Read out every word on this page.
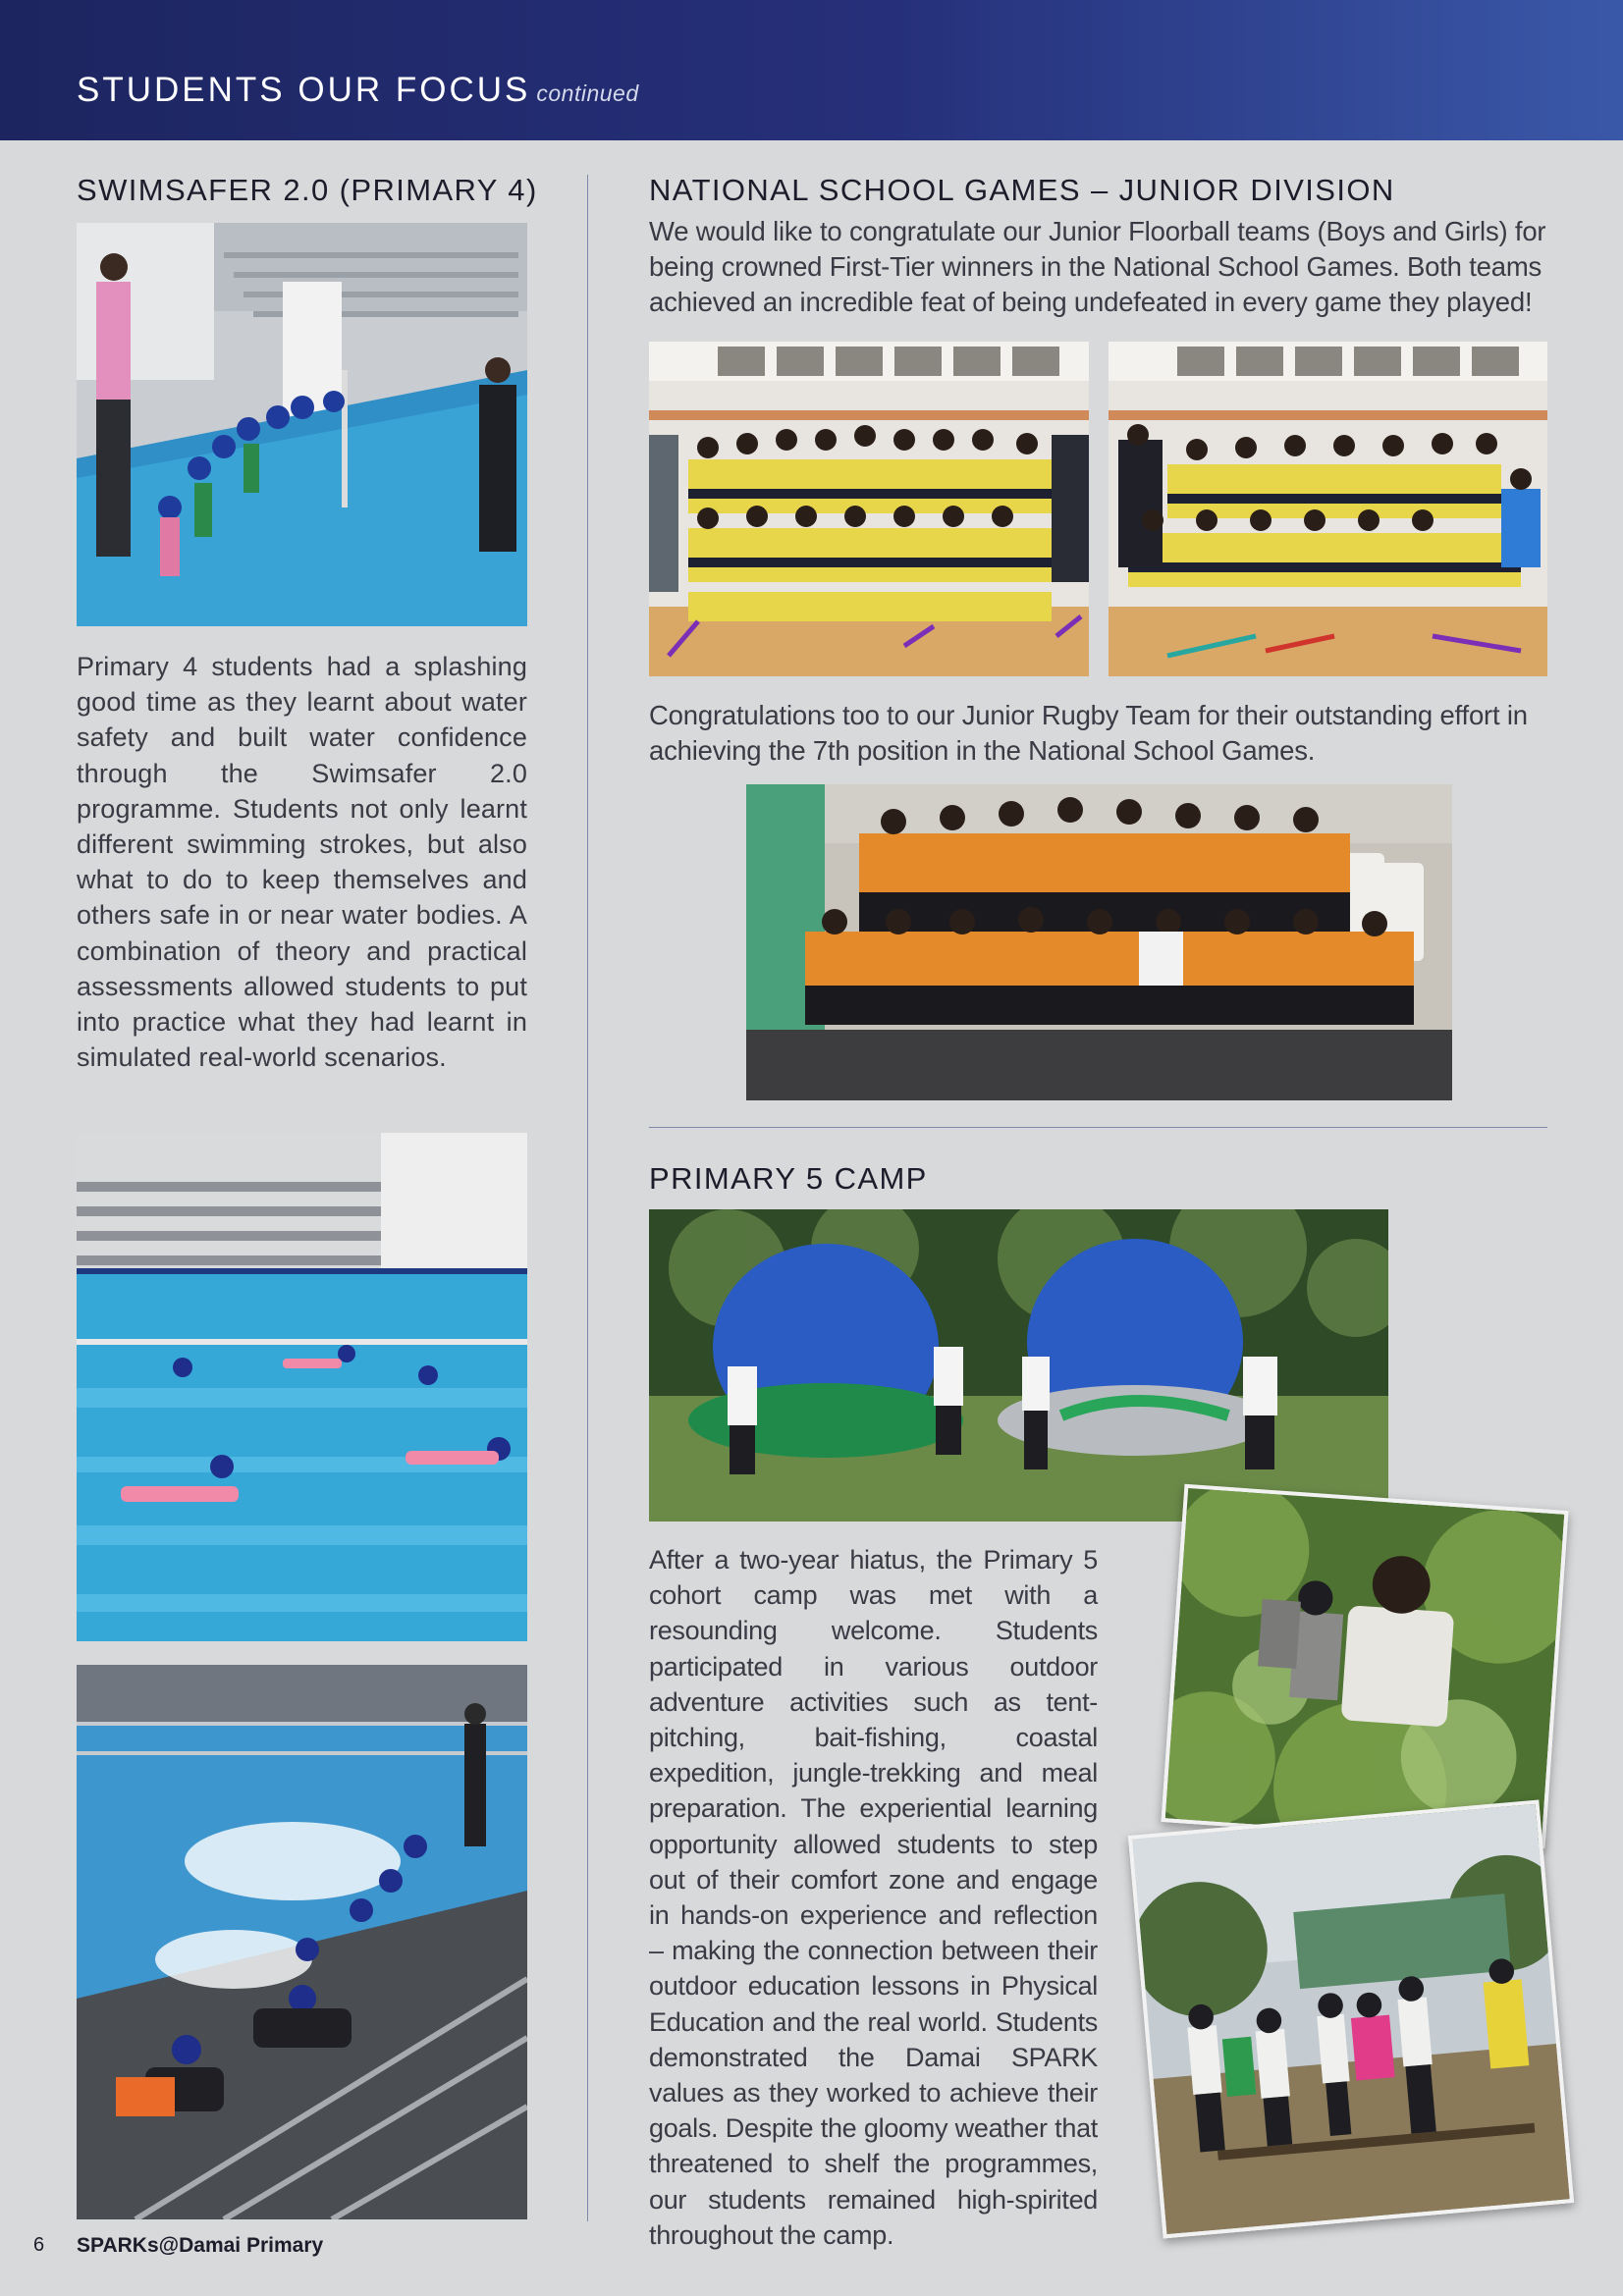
STUDENTS OUR FOCUS continued
SWIMSAFER 2.0 (PRIMARY 4)
Primary 4 students had a splashing good time as they learnt about water safety and built water confidence through the Swimsafer 2.0 programme. Students not only learnt different swimming strokes, but also what to do to keep themselves and others safe in or near water bodies. A combination of theory and practical assessments allowed students to put into practice what they had learnt in simulated real-world scenarios.
NATIONAL SCHOOL GAMES – JUNIOR DIVISION
We would like to congratulate our Junior Floorball teams (Boys and Girls) for being crowned First-Tier winners in the National School Games. Both teams achieved an incredible feat of being undefeated in every game they played!
Congratulations too to our Junior Rugby Team for their outstanding effort in achieving the 7th position in the National School Games.
PRIMARY 5 CAMP
After a two-year hiatus, the Primary 5 cohort camp was met with a resounding welcome. Students participated in various outdoor adventure activities such as tent-pitching, bait-fishing, coastal expedition, jungle-trekking and meal preparation. The experiential learning opportunity allowed students to step out of their comfort zone and engage in hands-on experience and reflection – making the connection between their outdoor education lessons in Physical Education and the real world. Students demonstrated the Damai SPARK values as they worked to achieve their goals. Despite the gloomy weather that threatened to shelf the programmes, our students remained high-spirited throughout the camp.
6 SPARKs@Damai Primary
